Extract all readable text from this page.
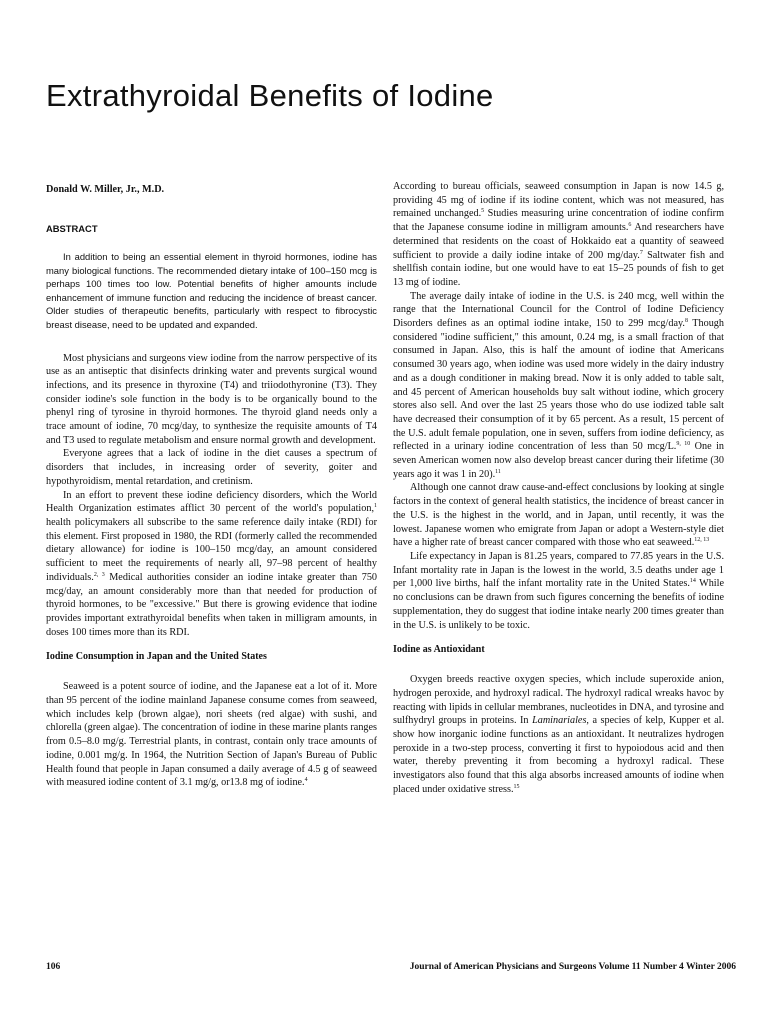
Extrathyroidal Benefits of Iodine
Donald W. Miller, Jr., M.D.
ABSTRACT

In addition to being an essential element in thyroid hormones, iodine has many biological functions. The recommended dietary intake of 100–150 mcg is perhaps 100 times too low. Potential benefits of higher amounts include enhancement of immune function and reducing the incidence of breast cancer. Older studies of therapeutic benefits, particularly with respect to fibrocystic breast disease, need to be updated and expanded.

Most physicians and surgeons view iodine from the narrow perspective of its use as an antiseptic that disinfects drinking water and prevents surgical wound infections, and its presence in thyroxine (T4) and triiodothyronine (T3). They consider iodine's sole function in the body is to be organically bound to the phenyl ring of tyrosine in thyroid hormones. The thyroid gland needs only a trace amount of iodine, 70 mcg/day, to synthesize the requisite amounts of T4 and T3 used to regulate metabolism and ensure normal growth and development.

Everyone agrees that a lack of iodine in the diet causes a spectrum of disorders that includes, in increasing order of severity, goiter and hypothyroidism, mental retardation, and cretinism.

In an effort to prevent these iodine deficiency disorders, which the World Health Organization estimates afflict 30 percent of the world's population,$^1$ health policymakers all subscribe to the same reference daily intake (RDI) for this element. First proposed in 1980, the RDI (formerly called the recommended dietary allowance) for iodine is 100–150 mcg/day, an amount considered sufficient to meet the requirements of nearly all, 97–98 percent of healthy individuals.$^{2, 3}$ Medical authorities consider an iodine intake greater than 750 mcg/day, an amount considerably more than that needed for production of thyroid hormones, to be "excessive." But there is growing evidence that iodine provides important extrathyroidal benefits when taken in milligram amounts, in doses 100 times more than its RDI.

Iodine Consumption in Japan and the United States

Seaweed is a potent source of iodine, and the Japanese eat a lot of it. More than 95 percent of the iodine mainland Japanese consume comes from seaweed, which includes kelp (brown algae), nori sheets (red algae) with sushi, and chlorella (green algae). The concentration of iodine in these marine plants ranges from 0.5–8.0 mg/g. Terrestrial plants, in contrast, contain only trace amounts of iodine, 0.001 mg/g. In 1964, the Nutrition Section of Japan's Bureau of Public Health found that people in Japan consumed a daily average of 4.5 g of seaweed with measured iodine content of 3.1 mg/g, or13.8 mg of iodine.$^4$

According to bureau officials, seaweed consumption in Japan is now 14.5 g, providing 45 mg of iodine if its iodine content, which was not measured, has remained unchanged.$^5$ Studies measuring urine concentration of iodine confirm that the Japanese consume iodine in milligram amounts.$^6$ And researchers have determined that residents on the coast of Hokkaido eat a quantity of seaweed sufficient to provide a daily iodine intake of 200 mg/day.$^7$ Saltwater fish and shellfish contain iodine, but one would have to eat 15–25 pounds of fish to get 13 mg of iodine.

The average daily intake of iodine in the U.S. is 240 mcg, well within the range that the International Council for the Control of Iodine Deficiency Disorders defines as an optimal iodine intake, 150 to 299 mcg/day.$^8$ Though considered "iodine sufficient," this amount, 0.24 mg, is a small fraction of that consumed in Japan. Also, this is half the amount of iodine that Americans consumed 30 years ago, when iodine was used more widely in the dairy industry and as a dough conditioner in making bread. Now it is only added to table salt, and 45 percent of American households buy salt without iodine, which grocery stores also sell. And over the last 25 years those who do use iodized table salt have decreased their consumption of it by 65 percent. As a result, 15 percent of the U.S. adult female population, one in seven, suffers from iodine deficiency, as reflected in a urinary iodine concentration of less than 50 mcg/L.$^{9, 10}$ One in seven American women now also develop breast cancer during their lifetime (30 years ago it was 1 in 20).$^{11}$

Although one cannot draw cause-and-effect conclusions by looking at single factors in the context of general health statistics, the incidence of breast cancer in the U.S. is the highest in the world, and in Japan, until recently, it was the lowest. Japanese women who emigrate from Japan or adopt a Western-style diet have a higher rate of breast cancer compared with those who eat seaweed.$^{12, 13}$

Life expectancy in Japan is 81.25 years, compared to 77.85 years in the U.S. Infant mortality rate in Japan is the lowest in the world, 3.5 deaths under age 1 per 1,000 live births, half the infant mortality rate in the United States.$^{14}$ While no conclusions can be drawn from such figures concerning the benefits of iodine supplementation, they do suggest that iodine intake nearly 200 times greater than in the U.S. is unlikely to be toxic.

Iodine as Antioxidant

Oxygen breeds reactive oxygen species, which include superoxide anion, hydrogen peroxide, and hydroxyl radical. The hydroxyl radical wreaks havoc by reacting with lipids in cellular membranes, nucleotides in DNA, and tyrosine and sulfhydryl groups in proteins. In Laminariales, a species of kelp, Kupper et al. show how inorganic iodine functions as an antioxidant. It neutralizes hydrogen peroxide in a two-step process, converting it first to hypoiodous acid and then water, thereby preventing it from becoming a hydroxyl radical. These investigators also found that this alga absorbs increased amounts of iodine when placed under oxidative stress.$^{15}$

106	Journal of American Physicians and Surgeons Volume 11 Number 4 Winter 2006
